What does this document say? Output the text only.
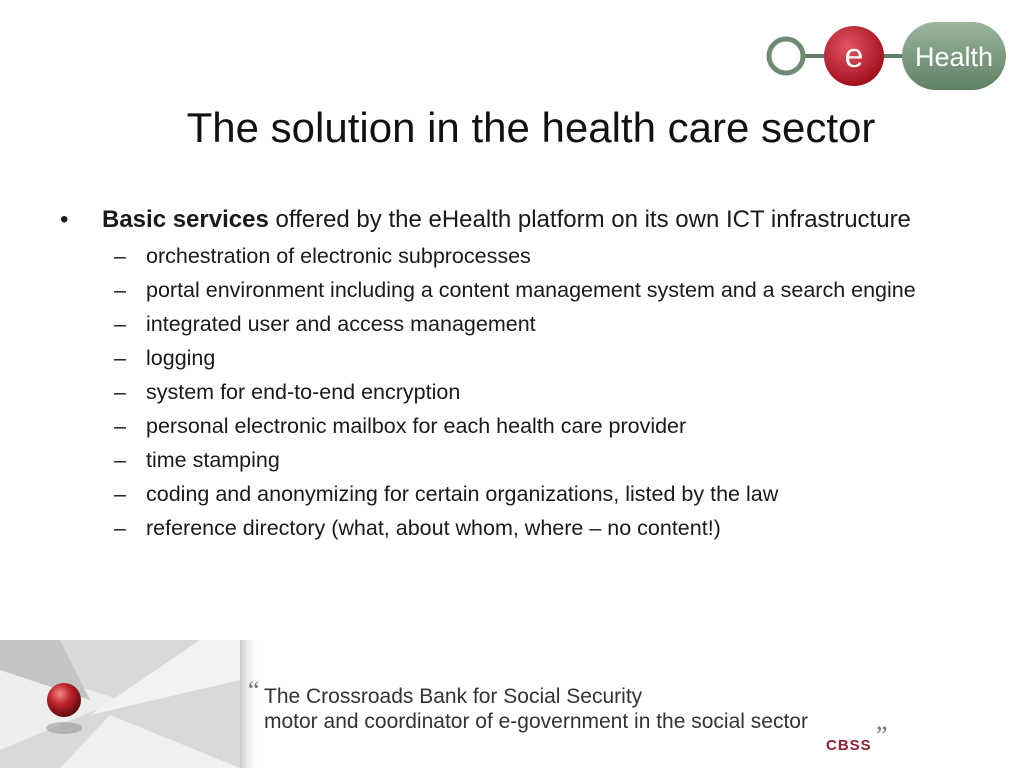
e Health
The solution in the health care sector
• Basic services offered by the eHealth platform on its own ICT infrastructure
– orchestration of electronic subprocesses
– portal environment including a content management system and a search engine
– integrated user and access management
– logging
– system for end-to-end encryption
– personal electronic mailbox for each health care provider
– time stamping
– coding and anonymizing for certain organizations, listed by the law
– reference directory (what, about whom, where – no content!)
“ The Crossroads Bank for Social Security
motor and coordinator of e-government in the social sector	„
CBSS
